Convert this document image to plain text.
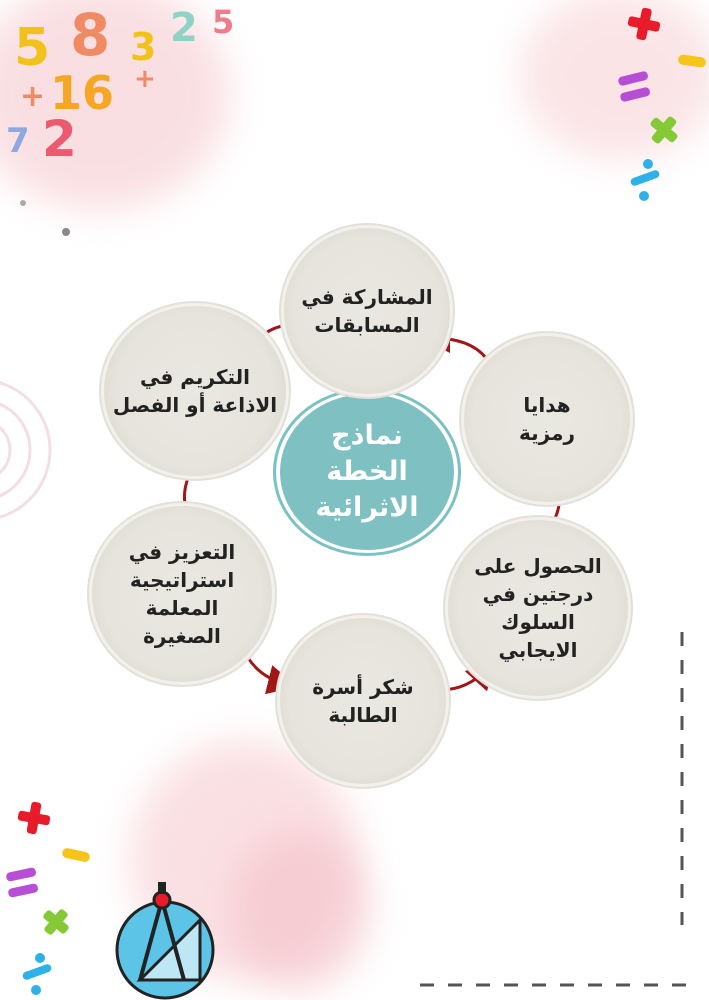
5 8 3 2 5
+ 16 +
7 2
نماذج
الخطة
الاثرائية
المشاركة في
المسابقات
هدايا
رمزية
الحصول على
درجتين في
السلوك
الايجابي
شكر أسرة
الطالبة
التعزيز في
استراتيجية
المعلمة
الصغيرة
التكريم في
الاذاعة أو الفصل
